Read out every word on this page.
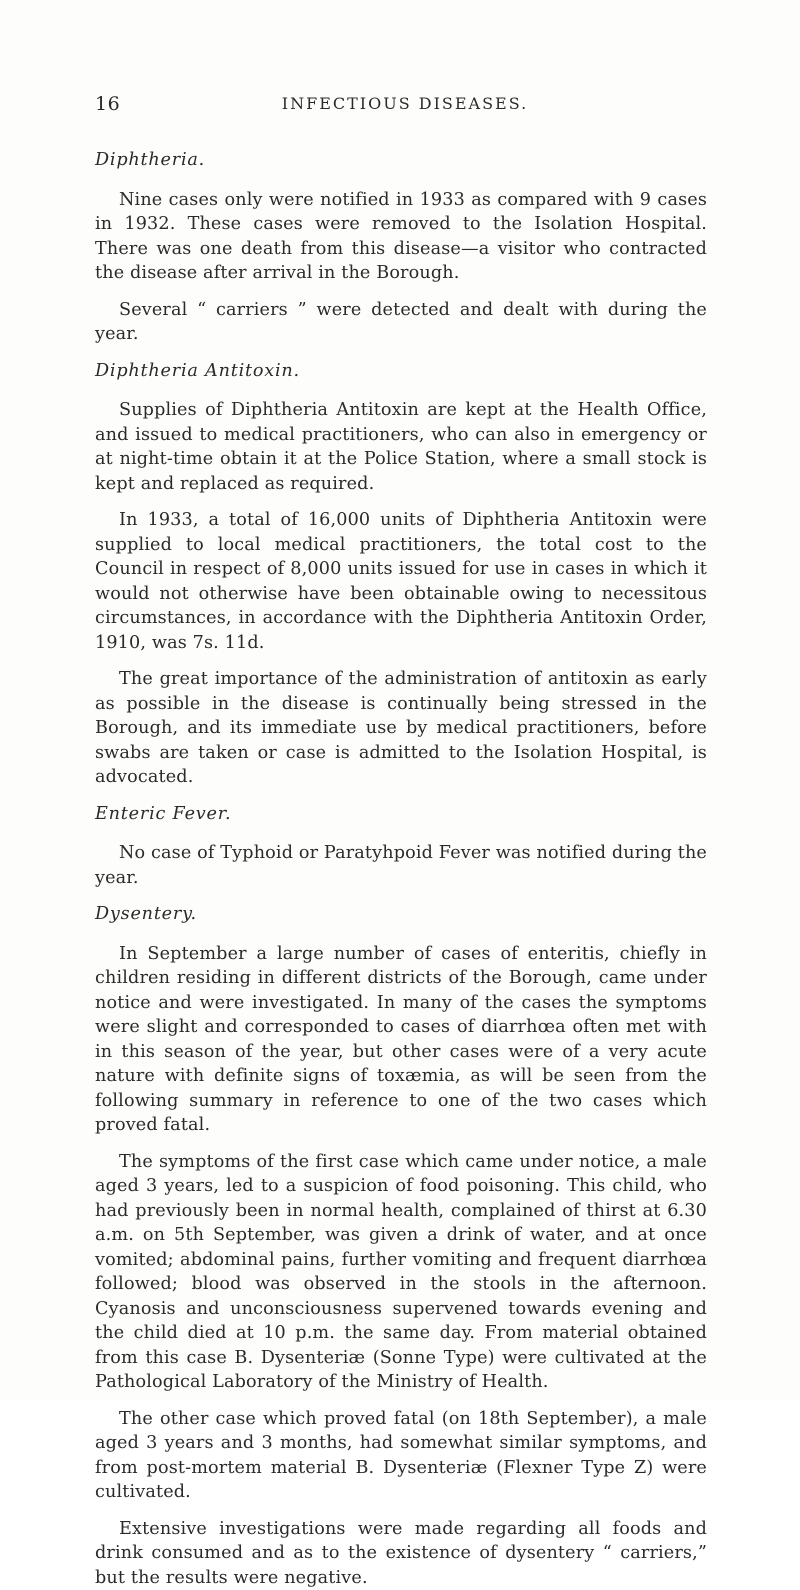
16	INFECTIOUS DISEASES.

Diphtheria.

Nine cases only were notified in 1933 as compared with 9 cases in 1932. These cases were removed to the Isolation Hospital. There was one death from this disease—a visitor who contracted the disease after arrival in the Borough.

Several “ carriers ” were detected and dealt with during the year.

Diphtheria Antitoxin.

Supplies of Diphtheria Antitoxin are kept at the Health Office, and issued to medical practitioners, who can also in emergency or at night-time obtain it at the Police Station, where a small stock is kept and replaced as required.

In 1933, a total of 16,000 units of Diphtheria Antitoxin were supplied to local medical practitioners, the total cost to the Council in respect of 8,000 units issued for use in cases in which it would not otherwise have been obtainable owing to necessitous circumstances, in accordance with the Diphtheria Antitoxin Order, 1910, was 7s. 11d.

The great importance of the administration of antitoxin as early as possible in the disease is continually being stressed in the Borough, and its immediate use by medical practitioners, before swabs are taken or case is admitted to the Isolation Hospital, is advocated.

Enteric Fever.

No case of Typhoid or Paratyhpoid Fever was notified during the year.

Dysentery.

In September a large number of cases of enteritis, chiefly in children residing in different districts of the Borough, came under notice and were investigated. In many of the cases the symptoms were slight and corresponded to cases of diarrhœa often met with in this season of the year, but other cases were of a very acute nature with definite signs of toxæmia, as will be seen from the following summary in reference to one of the two cases which proved fatal.

The symptoms of the first case which came under notice, a male aged 3 years, led to a suspicion of food poisoning. This child, who had previously been in normal health, complained of thirst at 6.30 a.m. on 5th September, was given a drink of water, and at once vomited; abdominal pains, further vomiting and frequent diarrhœa followed; blood was observed in the stools in the afternoon. Cyanosis and unconsciousness supervened towards evening and the child died at 10 p.m. the same day. From material obtained from this case B. Dysenteriæ (Sonne Type) were cultivated at the Pathological Laboratory of the Ministry of Health.

The other case which proved fatal (on 18th September), a male aged 3 years and 3 months, had somewhat similar symptoms, and from post-mortem material B. Dysenteriæ (Flexner Type Z) were cultivated.

Extensive investigations were made regarding all foods and drink consumed and as to the existence of dysentery “ carriers,” but the results were negative.
